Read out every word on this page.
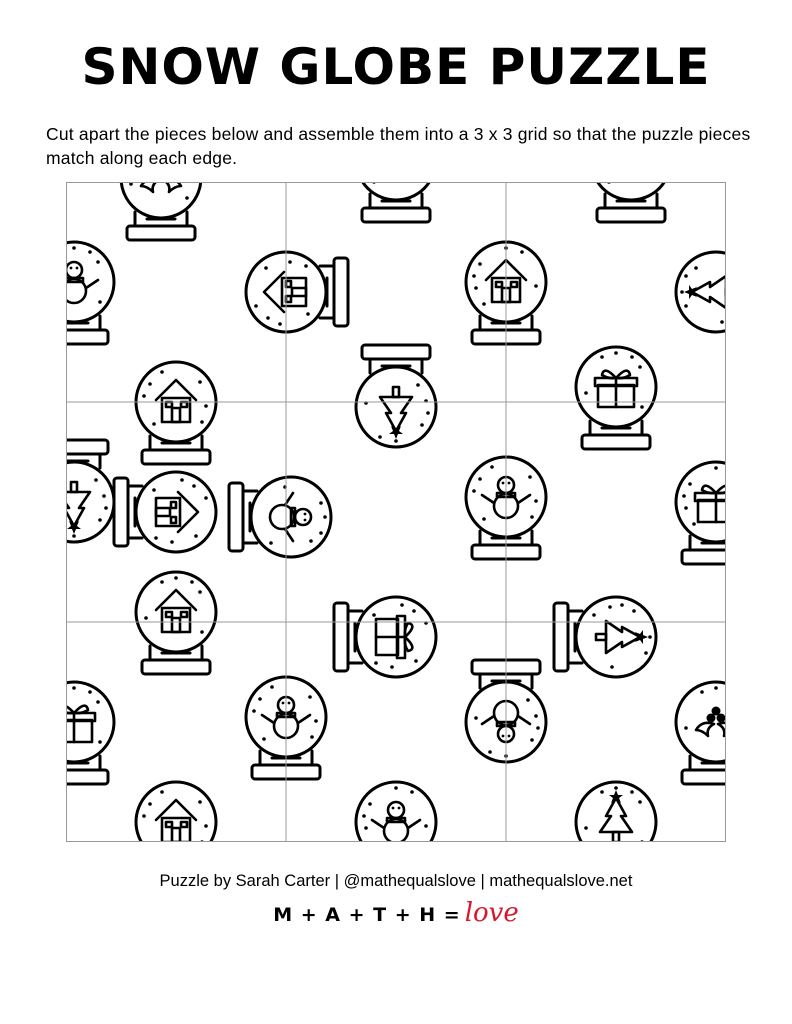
SNOW GLOBE PUZZLE

Cut apart the pieces below and assemble them into a 3 x 3 grid so that the puzzle pieces match along each edge.

Puzzle by Sarah Carter | @mathequalslove | mathequalslove.net
M + A + T + H = love
